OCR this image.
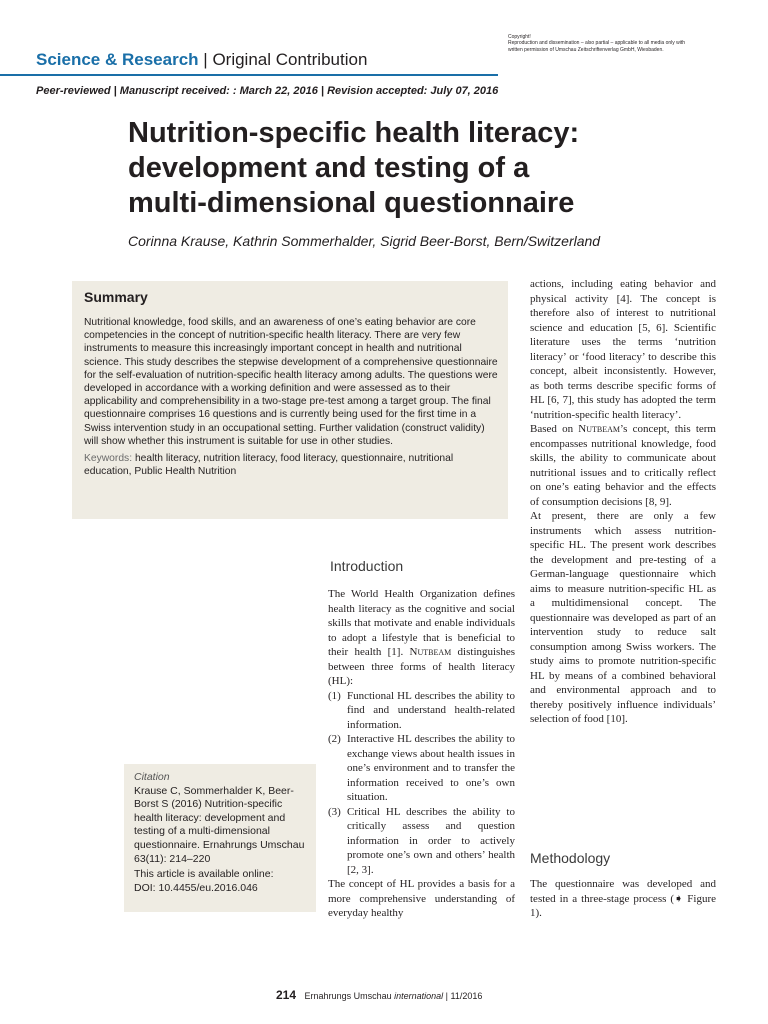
Science & Research | Original Contribution
Copyright!
Reproduction and dissemination – also partial – applicable to all media only with
written permission of Umschau Zeitschriftenverlag GmbH, Wiesbaden.
Peer-reviewed | Manuscript received: : March 22, 2016 | Revision accepted: July 07, 2016
Nutrition-specific health literacy:
development and testing of a
multi-dimensional questionnaire
Corinna Krause, Kathrin Sommerhalder, Sigrid Beer-Borst, Bern/Switzerland
Summary

Nutritional knowledge, food skills, and an awareness of one’s eating behavior are core competencies in the concept of nutrition-specific health literacy. There are very few instruments to measure this increasingly important concept in health and nutritional science. This study describes the stepwise development of a comprehensive questionnaire for the self-evaluation of nutrition-specific health literacy among adults. The questions were developed in accordance with a working definition and were assessed as to their applicability and comprehensibility in a two-stage pre-test among a target group. The final questionnaire comprises 16 questions and is currently being used for the first time in a Swiss intervention study in an occupational setting. Further validation (construct validity) will show whether this instrument is suitable for use in other studies.

Keywords: health literacy, nutrition literacy, food literacy, questionnaire, nutritional education, Public Health Nutrition

Citation
Krause C, Sommerhalder K, Beer-Borst S (2016) Nutrition-specific health literacy: development and testing of a multi-dimensional questionnaire. Ernahrungs Umschau 63(11): 214–220
This article is available online:
DOI: 10.4455/eu.2016.046
Introduction

The World Health Organization defines health literacy as the cognitive and social skills that motivate and enable individuals to adopt a lifestyle that is beneficial to their health [1]. Nutbeam distinguishes between three forms of health literacy (HL):

(1) Functional HL describes the ability to find and understand health-related information.
(2) Interactive HL describes the ability to exchange views about health issues in one’s environment and to transfer the information received to one’s own situation.
(3) Critical HL describes the ability to critically assess and question information in order to actively promote one’s own and others’ health [2, 3].

The concept of HL provides a basis for a more comprehensive understanding of everyday healthy

actions, including eating behavior and physical activity [4]. The concept is therefore also of interest to nutritional science and education [5, 6]. Scientific literature uses the terms ‘nutrition literacy’ or ‘food literacy’ to describe this concept, albeit inconsistently. However, as both terms describe specific forms of HL [6, 7], this study has adopted the term ‘nutrition-specific health literacy’.

Based on Nutbeam’s concept, this term encompasses nutritional knowledge, food skills, the ability to communicate about nutritional issues and to critically reflect on one’s eating behavior and the effects of consumption decisions [8, 9].

At present, there are only a few instruments which assess nutrition-specific HL. The present work describes the development and pre-testing of a German-language questionnaire which aims to measure nutrition-specific HL as a multidimensional concept. The questionnaire was developed as part of an intervention study to reduce salt consumption among Swiss workers. The study aims to promote nutrition-specific HL by means of a combined behavioral and environmental approach and to thereby positively influence individuals’ selection of food [10].

Methodology

The questionnaire was developed and tested in a three-stage process (➧ Figure 1).

214 Ernahrungs Umschau international | 11/2016
